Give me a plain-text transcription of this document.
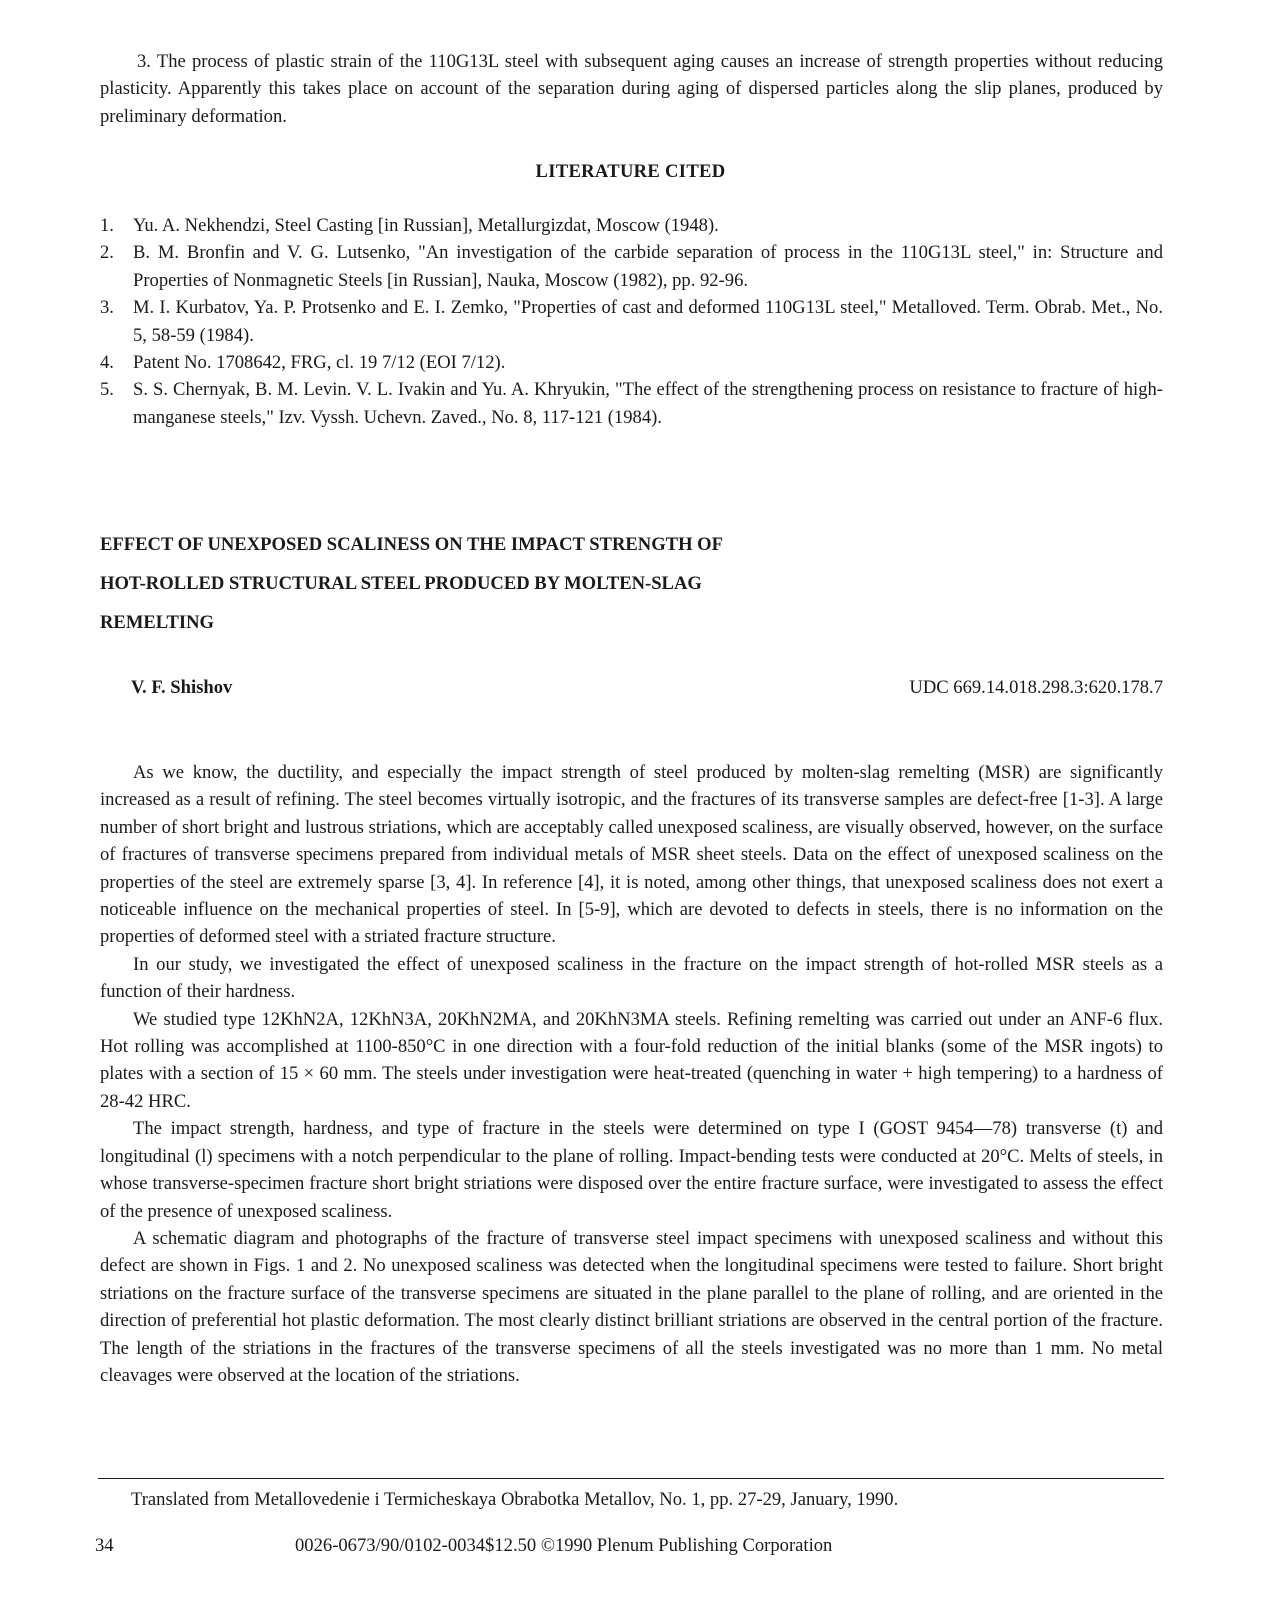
3. The process of plastic strain of the 110G13L steel with subsequent aging causes an increase of strength properties without reducing plasticity. Apparently this takes place on account of the separation during aging of dispersed particles along the slip planes, produced by preliminary deformation.

LITERATURE CITED
1. Yu. A. Nekhendzi, Steel Casting [in Russian], Metallurgizdat, Moscow (1948).
2. B. M. Bronfin and V. G. Lutsenko, "An investigation of the carbide separation of process in the 110G13L steel," in: Structure and Properties of Nonmagnetic Steels [in Russian], Nauka, Moscow (1982), pp. 92-96.
3. M. I. Kurbatov, Ya. P. Protsenko and E. I. Zemko, "Properties of cast and deformed 110G13L steel," Metalloved. Term. Obrab. Met., No. 5, 58-59 (1984).
4. Patent No. 1708642, FRG, cl. 19 7/12 (EOI 7/12).
5. S. S. Chernyak, B. M. Levin. V. L. Ivakin and Yu. A. Khryukin, "The effect of the strengthening process on resistance to fracture of high-manganese steels," Izv. Vyssh. Uchevn. Zaved., No. 8, 117-121 (1984).
EFFECT OF UNEXPOSED SCALINESS ON THE IMPACT STRENGTH OF
HOT-ROLLED STRUCTURAL STEEL PRODUCED BY MOLTEN-SLAG
REMELTING
V. F. Shishov	UDC 669.14.018.298.3:620.178.7

As we know, the ductility, and especially the impact strength of steel produced by molten-slag remelting (MSR) are significantly increased as a result of refining. The steel becomes virtually isotropic, and the fractures of its transverse samples are defect-free [1-3]. A large number of short bright and lustrous striations, which are acceptably called unexposed scaliness, are visually observed, however, on the surface of fractures of transverse specimens prepared from individual metals of MSR sheet steels. Data on the effect of unexposed scaliness on the properties of the steel are extremely sparse [3, 4]. In reference [4], it is noted, among other things, that unexposed scaliness does not exert a noticeable influence on the mechanical properties of steel. In [5-9], which are devoted to defects in steels, there is no information on the properties of deformed steel with a striated fracture structure.

In our study, we investigated the effect of unexposed scaliness in the fracture on the impact strength of hot-rolled MSR steels as a function of their hardness.

We studied type 12KhN2A, 12KhN3A, 20KhN2MA, and 20KhN3MA steels. Refining remelting was carried out under an ANF-6 flux. Hot rolling was accomplished at 1100-850°C in one direction with a four-fold reduction of the initial blanks (some of the MSR ingots) to plates with a section of 15 × 60 mm. The steels under investigation were heat-treated (quenching in water + high tempering) to a hardness of 28-42 HRC.

The impact strength, hardness, and type of fracture in the steels were determined on type I (GOST 9454—78) transverse (t) and longitudinal (l) specimens with a notch perpendicular to the plane of rolling. Impact-bending tests were conducted at 20°C. Melts of steels, in whose transverse-specimen fracture short bright striations were disposed over the entire fracture surface, were investigated to assess the effect of the presence of unexposed scaliness.

A schematic diagram and photographs of the fracture of transverse steel impact specimens with unexposed scaliness and without this defect are shown in Figs. 1 and 2. No unexposed scaliness was detected when the longitudinal specimens were tested to failure. Short bright striations on the fracture surface of the transverse specimens are situated in the plane parallel to the plane of rolling, and are oriented in the direction of preferential hot plastic deformation. The most clearly distinct brilliant striations are observed in the central portion of the fracture. The length of the striations in the fractures of the transverse specimens of all the steels investigated was no more than 1 mm. No metal cleavages were observed at the location of the striations.

Translated from Metallovedenie i Termicheskaya Obrabotka Metallov, No. 1, pp. 27-29, January, 1990.
34	0026-0673/90/0102-0034$12.50 ©1990 Plenum Publishing Corporation
